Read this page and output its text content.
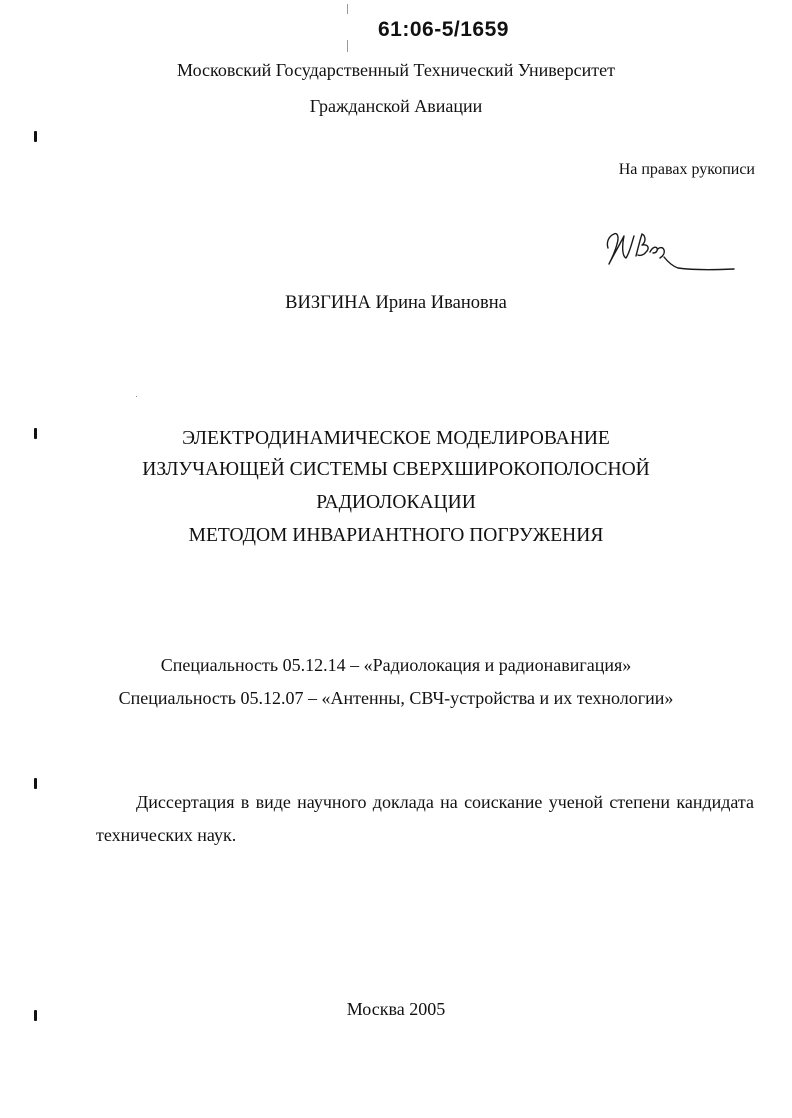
61:06-5/1659
Московский Государственный Технический Университет
Гражданской Авиации
На правах рукописи
ВИЗГИНА Ирина Ивановна
ЭЛЕКТРОДИНАМИЧЕСКОЕ МОДЕЛИРОВАНИЕ
ИЗЛУЧАЮЩЕЙ СИСТЕМЫ СВЕРХШИРОКОПОЛОСНОЙ
РАДИОЛОКАЦИИ
МЕТОДОМ ИНВАРИАНТНОГО ПОГРУЖЕНИЯ
Специальность 05.12.14 – «Радиолокация и радионавигация»
Специальность 05.12.07 – «Антенны, СВЧ-устройства и их технологии»
Диссертация в виде научного доклада на соискание ученой степени кандидата технических наук.
Москва 2005
